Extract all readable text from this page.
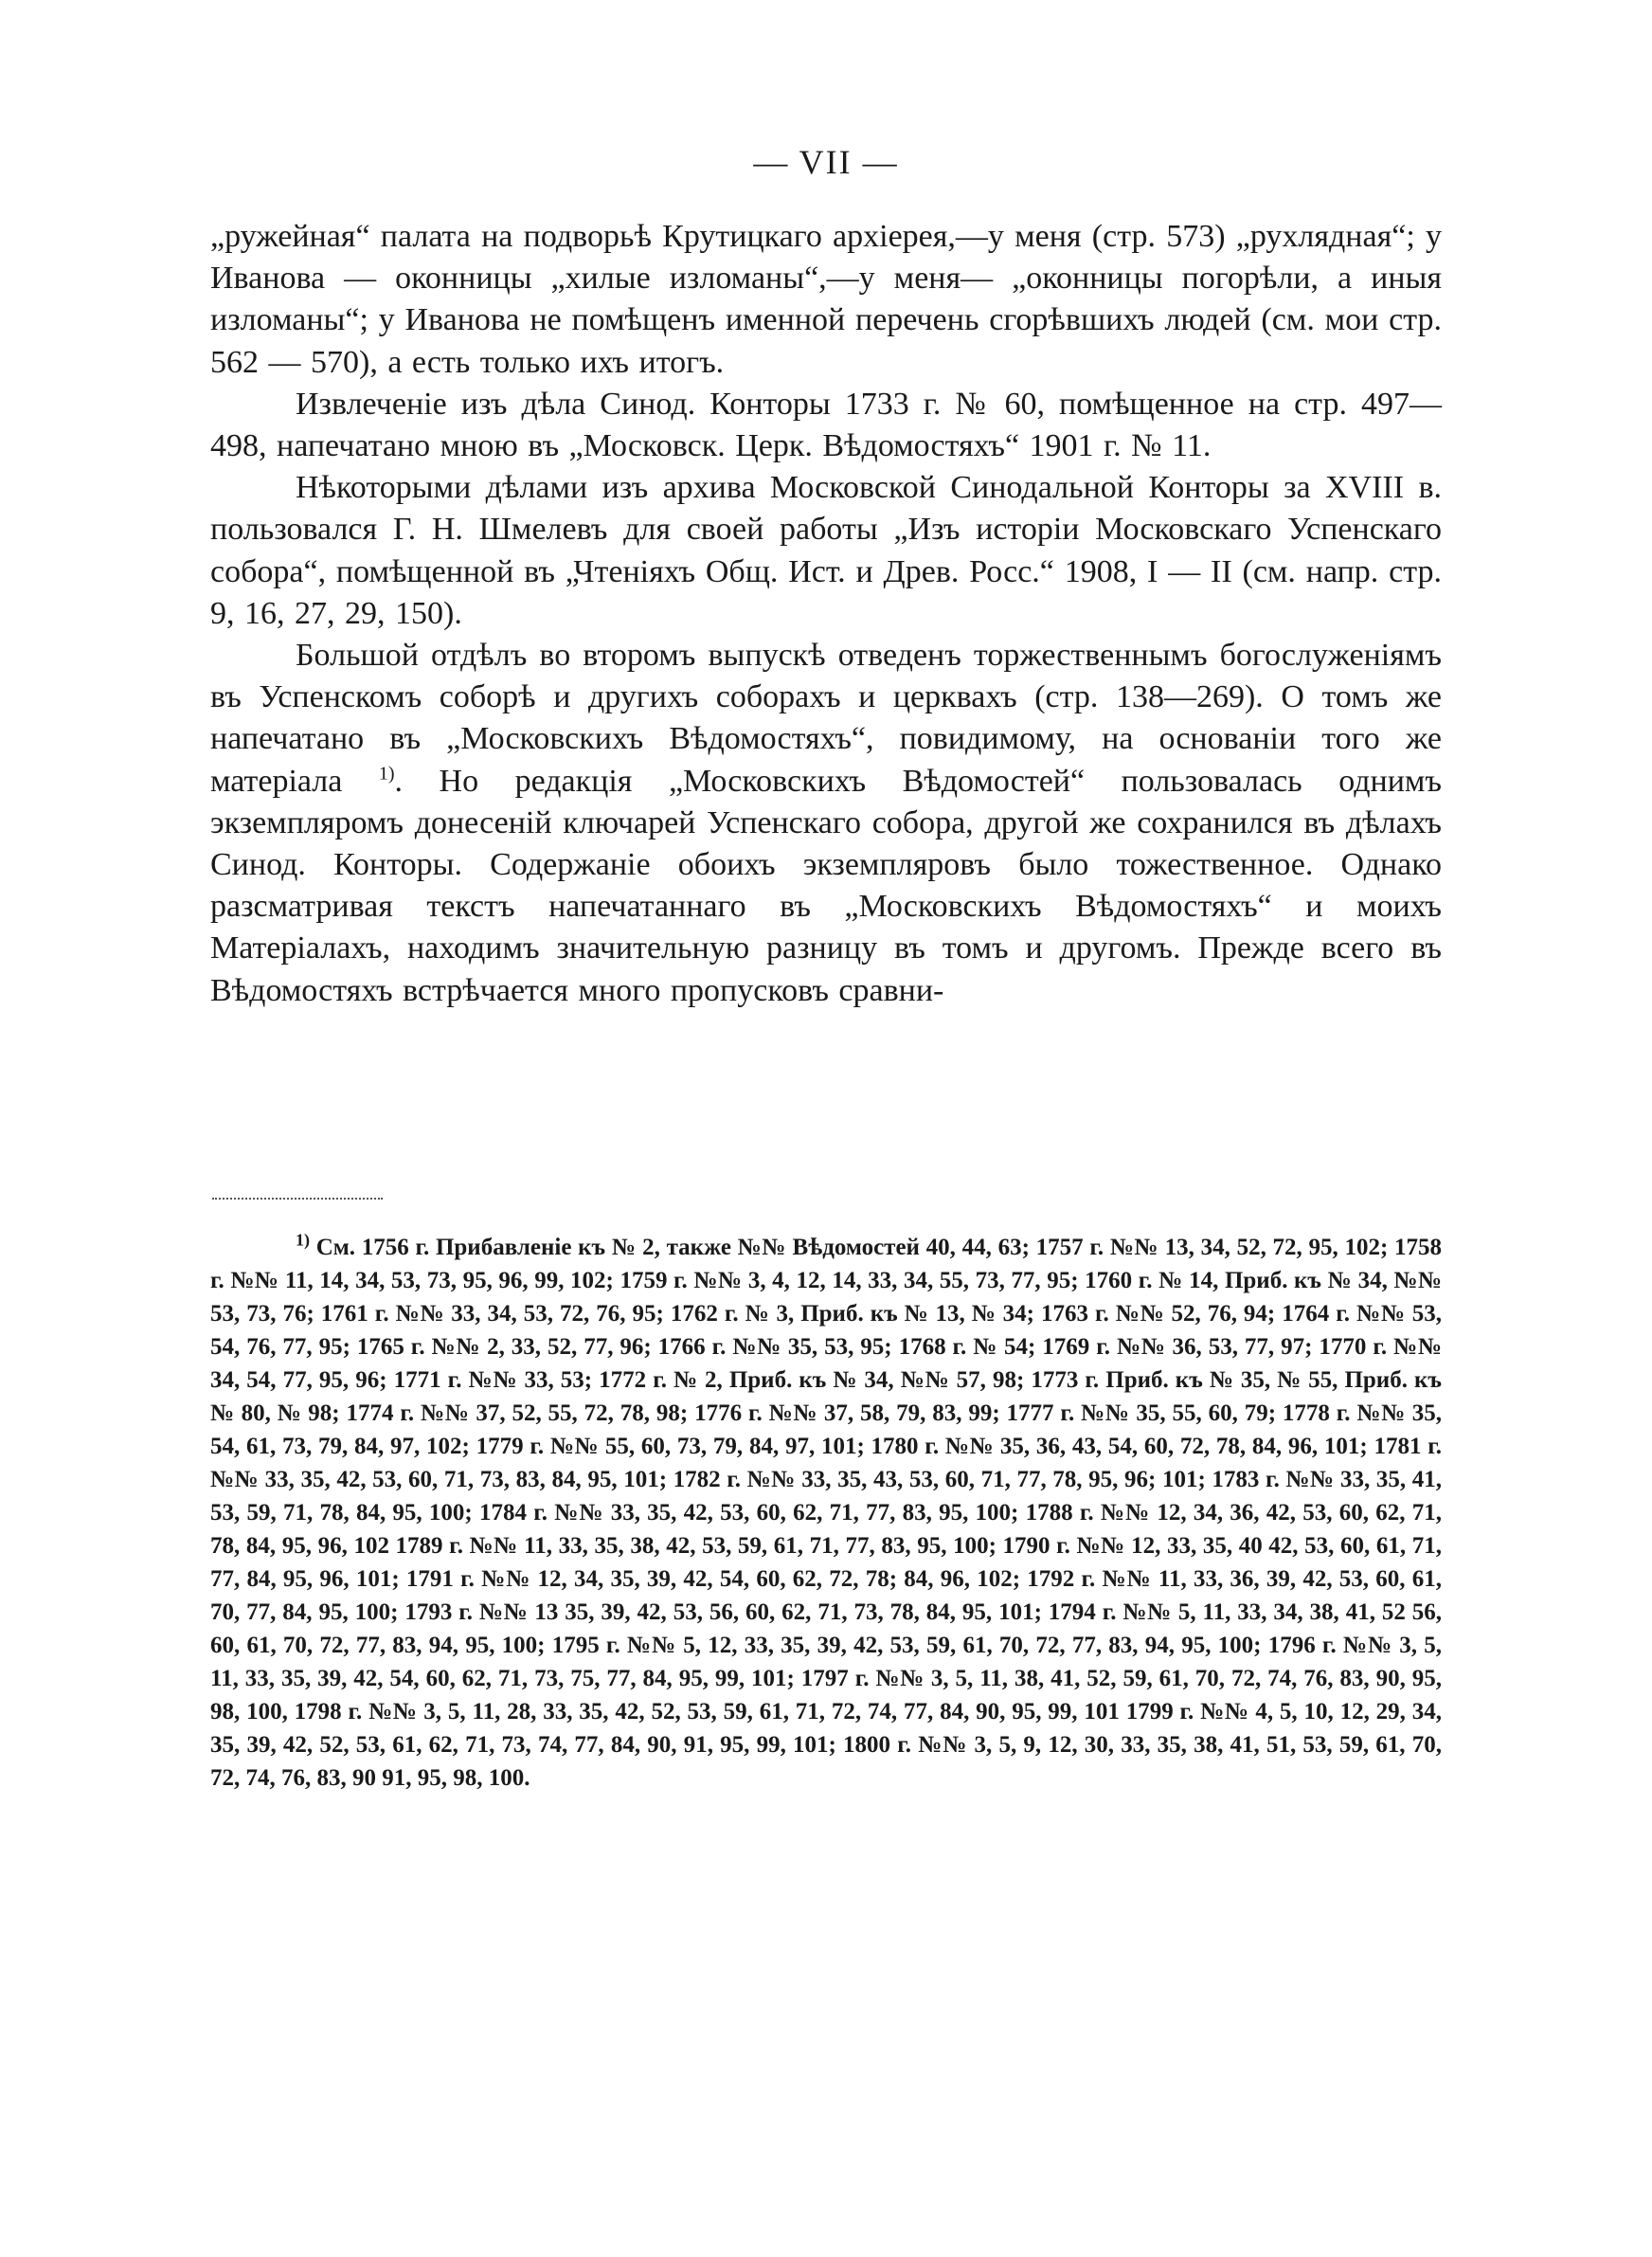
— VII —

„ружейная“ палата на подворьѣ Крутицкаго архіерея,—у меня (стр. 573) „рухлядная“; у Иванова — оконницы „хилые изломаны“,—у меня— „оконницы погорѣли, а иныя изломаны“; у Иванова не помѣщенъ именной перечень сгорѣвшихъ людей (см. мои стр. 562 — 570), а есть только ихъ итогъ.

Извлеченіе изъ дѣла Синод. Конторы 1733 г. № 60, помѣщенное на стр. 497—498, напечатано мною въ „Московск. Церк. Вѣдомостяхъ“ 1901 г. № 11.

Нѣкоторыми дѣлами изъ архива Московской Синодальной Конторы за XVIII в. пользовался Г. Н. Шмелевъ для своей работы „Изъ исторіи Московскаго Успенскаго собора“, помѣщенной въ „Чтеніяхъ Общ. Ист. и Древ. Росс.“ 1908, I — II (см. напр. стр. 9, 16, 27, 29, 150).

Большой отдѣлъ во второмъ выпускѣ отведенъ торжественнымъ богослуженіямъ въ Успенскомъ соборѣ и другихъ соборахъ и церквахъ (стр. 138—269). О томъ же напечатано въ „Московскихъ Вѣдомостяхъ“, повидимому, на основаніи того же матеріала $^{1)}$. Но редакція „Московскихъ Вѣдомостей“ пользовалась однимъ экземпляромъ донесеній ключарей Успенскаго собора, другой же сохранился въ дѣлахъ Синод. Конторы. Содержаніе обоихъ экземпляровъ было тожественное. Однако разсматривая текстъ напечатаннаго въ „Московскихъ Вѣдомостяхъ“ и моихъ Матеріалахъ, находимъ значительную разницу въ томъ и другомъ. Прежде всего въ Вѣдомостяхъ встрѣчается много пропусковъ сравни-

$^{1)}$ См. 1756 г. Прибавленіе къ № 2, также №№ Вѣдомостей 40, 44, 63; 1757 г. №№ 13, 34, 52, 72, 95, 102; 1758 г. №№ 11, 14, 34, 53, 73, 95, 96, 99, 102; 1759 г. №№ 3, 4, 12, 14, 33, 34, 55, 73, 77, 95; 1760 г. № 14, Приб. къ № 34, №№ 53, 73, 76; 1761 г. №№ 33, 34, 53, 72, 76, 95; 1762 г. № 3, Приб. къ № 13, № 34; 1763 г. №№ 52, 76, 94; 1764 г. №№ 53, 54, 76, 77, 95; 1765 г. №№ 2, 33, 52, 77, 96; 1766 г. №№ 35, 53, 95; 1768 г. № 54; 1769 г. №№ 36, 53, 77, 97; 1770 г. №№ 34, 54, 77, 95, 96; 1771 г. №№ 33, 53; 1772 г. № 2, Приб. къ № 34, №№ 57, 98; 1773 г. Приб. къ № 35, № 55, Приб. къ № 80, № 98; 1774 г. №№ 37, 52, 55, 72, 78, 98; 1776 г. №№ 37, 58, 79, 83, 99; 1777 г. №№ 35, 55, 60, 79; 1778 г. №№ 35, 54, 61, 73, 79, 84, 97, 102; 1779 г. №№ 55, 60, 73, 79, 84, 97, 101; 1780 г. №№ 35, 36, 43, 54, 60, 72, 78, 84, 96, 101; 1781 г. №№ 33, 35, 42, 53, 60, 71, 73, 83, 84, 95, 101; 1782 г. №№ 33, 35, 43, 53, 60, 71, 77, 78, 95, 96; 101; 1783 г. №№ 33, 35, 41, 53, 59, 71, 78, 84, 95, 100; 1784 г. №№ 33, 35, 42, 53, 60, 62, 71, 77, 83, 95, 100; 1788 г. №№ 12, 34, 36, 42, 53, 60, 62, 71, 78, 84, 95, 96, 102 1789 г. №№ 11, 33, 35, 38, 42, 53, 59, 61, 71, 77, 83, 95, 100; 1790 г. №№ 12, 33, 35, 40 42, 53, 60, 61, 71, 77, 84, 95, 96, 101; 1791 г. №№ 12, 34, 35, 39, 42, 54, 60, 62, 72, 78; 84, 96, 102; 1792 г. №№ 11, 33, 36, 39, 42, 53, 60, 61, 70, 77, 84, 95, 100; 1793 г. №№ 13 35, 39, 42, 53, 56, 60, 62, 71, 73, 78, 84, 95, 101; 1794 г. №№ 5, 11, 33, 34, 38, 41, 52 56, 60, 61, 70, 72, 77, 83, 94, 95, 100; 1795 г. №№ 5, 12, 33, 35, 39, 42, 53, 59, 61, 70, 72, 77, 83, 94, 95, 100; 1796 г. №№ 3, 5, 11, 33, 35, 39, 42, 54, 60, 62, 71, 73, 75, 77, 84, 95, 99, 101; 1797 г. №№ 3, 5, 11, 38, 41, 52, 59, 61, 70, 72, 74, 76, 83, 90, 95, 98, 100, 1798 г. №№ 3, 5, 11, 28, 33, 35, 42, 52, 53, 59, 61, 71, 72, 74, 77, 84, 90, 95, 99, 101 1799 г. №№ 4, 5, 10, 12, 29, 34, 35, 39, 42, 52, 53, 61, 62, 71, 73, 74, 77, 84, 90, 91, 95, 99, 101; 1800 г. №№ 3, 5, 9, 12, 30, 33, 35, 38, 41, 51, 53, 59, 61, 70, 72, 74, 76, 83, 90 91, 95, 98, 100.
